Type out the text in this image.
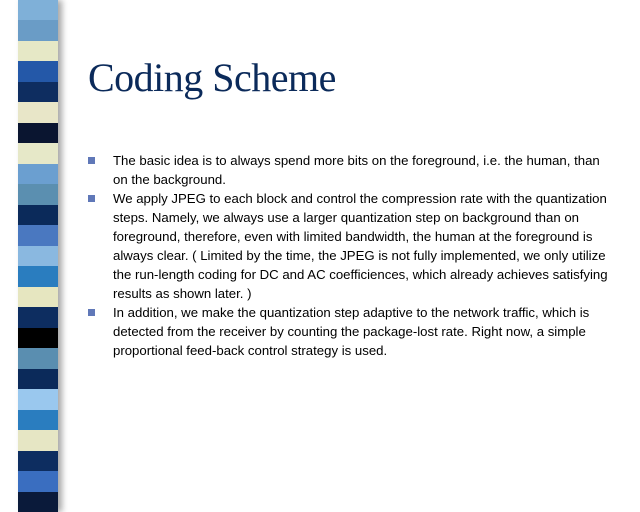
Coding Scheme
The basic idea is to always spend more bits on the foreground, i.e. the human, than on the background.
We apply JPEG to each block and control the compression rate with the quantization steps. Namely, we always use a larger quantization step on background than on foreground, therefore, even with limited bandwidth, the human at the foreground is always clear. ( Limited by the time, the JPEG is not fully implemented, we only utilize the run-length coding for DC and AC coefficiences, which already achieves satisfying results as shown later. )
In addition, we make the quantization step adaptive to the network traffic, which is detected from the receiver by counting the package-lost rate. Right now, a simple proportional feed-back control strategy is used.
